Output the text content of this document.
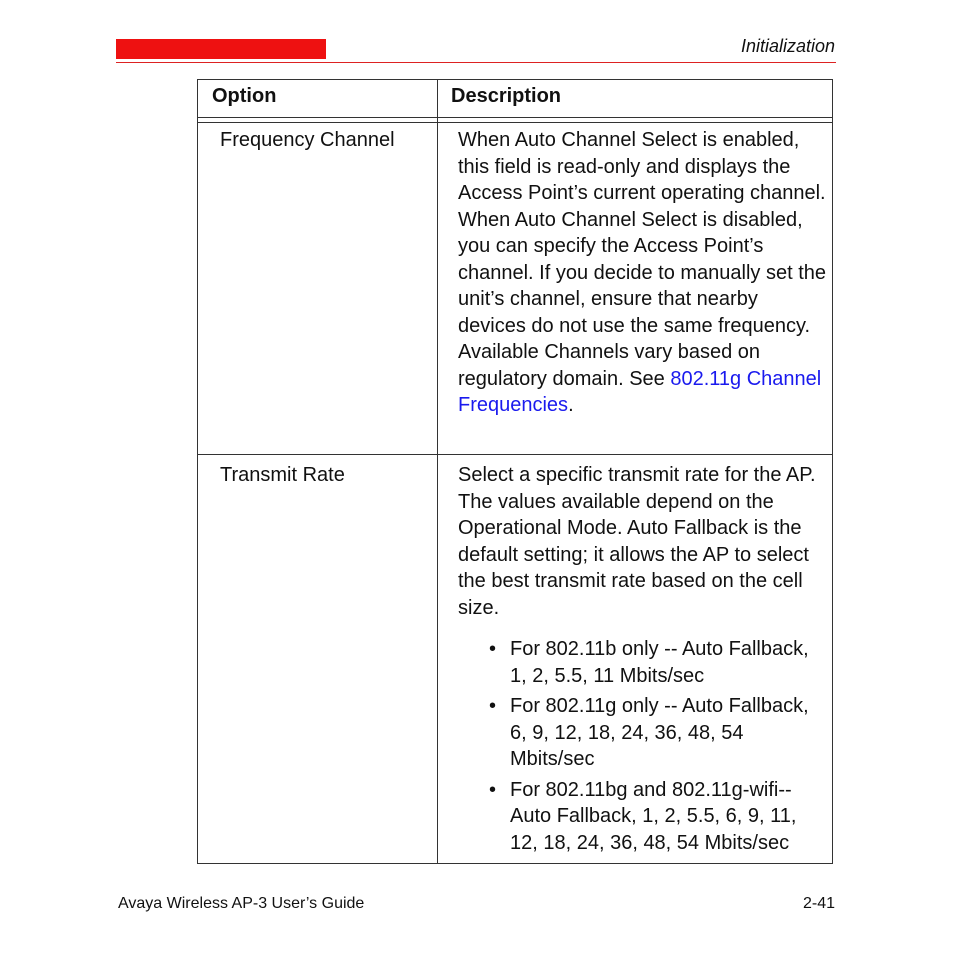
Initialization
Option	Description
Frequency Channel	When Auto Channel Select is enabled, this field is read-only and displays the Access Point’s current operating channel. When Auto Channel Select is disabled, you can specify the Access Point’s channel. If you decide to manually set the unit’s channel, ensure that nearby devices do not use the same frequency. Available Channels vary based on regulatory domain. See 802.11g Channel Frequencies.
Transmit Rate	Select a specific transmit rate for the AP. The values available depend on the Operational Mode. Auto Fallback is the default setting; it allows the AP to select the best transmit rate based on the cell size.
• For 802.11b only -- Auto Fallback, 1, 2, 5.5, 11 Mbits/sec
• For 802.11g only -- Auto Fallback, 6, 9, 12, 18, 24, 36, 48, 54 Mbits/sec
• For 802.11bg and 802.11g-wifi-- Auto Fallback, 1, 2, 5.5, 6, 9, 11, 12, 18, 24, 36, 48, 54 Mbits/sec
Avaya Wireless AP-3 User’s Guide	2-41
